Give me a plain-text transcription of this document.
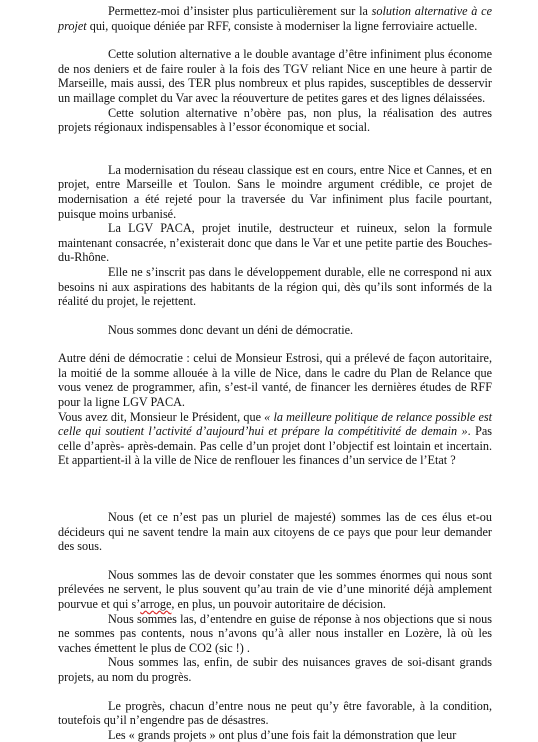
Permettez-moi d’insister plus particulièrement sur la solution alternative à ce projet qui, quoique déniée par RFF, consiste à moderniser la ligne ferroviaire actuelle.

Cette solution alternative a le double avantage d’être infiniment plus économe de nos deniers et de faire rouler à la fois des TGV reliant Nice en une heure à partir de Marseille, mais aussi, des TER plus nombreux et plus rapides, susceptibles de desservir un maillage complet du Var avec la réouverture de petites gares et des lignes délaissées.

Cette solution alternative n’obère pas, non plus, la réalisation des autres projets régionaux indispensables à l’essor économique et social.

La modernisation du réseau classique est en cours, entre Nice et Cannes, et en projet, entre Marseille et Toulon. Sans le moindre argument crédible, ce projet de modernisation a été rejeté pour la traversée du Var infiniment plus facile pourtant, puisque moins urbanisé.

La LGV PACA, projet inutile, destructeur et ruineux, selon la formule maintenant consacrée, n’existerait donc que dans le Var et une petite partie des Bouches-du-Rhône.

Elle ne s’inscrit pas dans le développement durable, elle ne correspond ni aux besoins ni aux aspirations des habitants de la région qui, dès qu’ils sont informés de la réalité du projet, le rejettent.

Nous sommes donc devant un déni de démocratie.

Autre déni de démocratie : celui de Monsieur Estrosi, qui a prélevé de façon autoritaire, la moitié de la somme allouée à la ville de Nice, dans le cadre du Plan de Relance que vous venez de programmer, afin, s’est-il vanté, de financer les dernières études de RFF pour la ligne LGV PACA.

Vous avez dit, Monsieur le Président, que « la meilleure politique de relance possible est celle qui soutient l’activité d’aujourd’hui et prépare la compétitivité de demain ». Pas celle d’après- après-demain. Pas celle d’un projet dont l’objectif est lointain et incertain. Et appartient-il à la ville de Nice de renflouer les finances d’un service de l’Etat ?

Nous (et ce n’est pas un pluriel de majesté) sommes las de ces élus et-ou décideurs qui ne savent tendre la main aux citoyens de ce pays que pour leur demander des sous.

Nous sommes las de devoir constater que les sommes énormes qui nous sont prélevées ne servent, le plus souvent qu’au train de vie d’une minorité déjà amplement pourvue et qui s’arroge, en plus, un pouvoir autoritaire de décision.

Nous sommes las, d’entendre en guise de réponse à nos objections que si nous ne sommes pas contents, nous n’avons qu’à aller nous installer en Lozère, là où les vaches émettent le plus de CO2 (sic !) .

Nous sommes las, enfin, de subir des nuisances graves de soi-disant grands projets, au nom du progrès.

Le progrès, chacun d’entre nous ne peut qu’y être favorable, à la condition, toutefois qu’il n’engendre pas de désastres.

Les « grands projets » ont plus d’une fois fait la démonstration que leur
